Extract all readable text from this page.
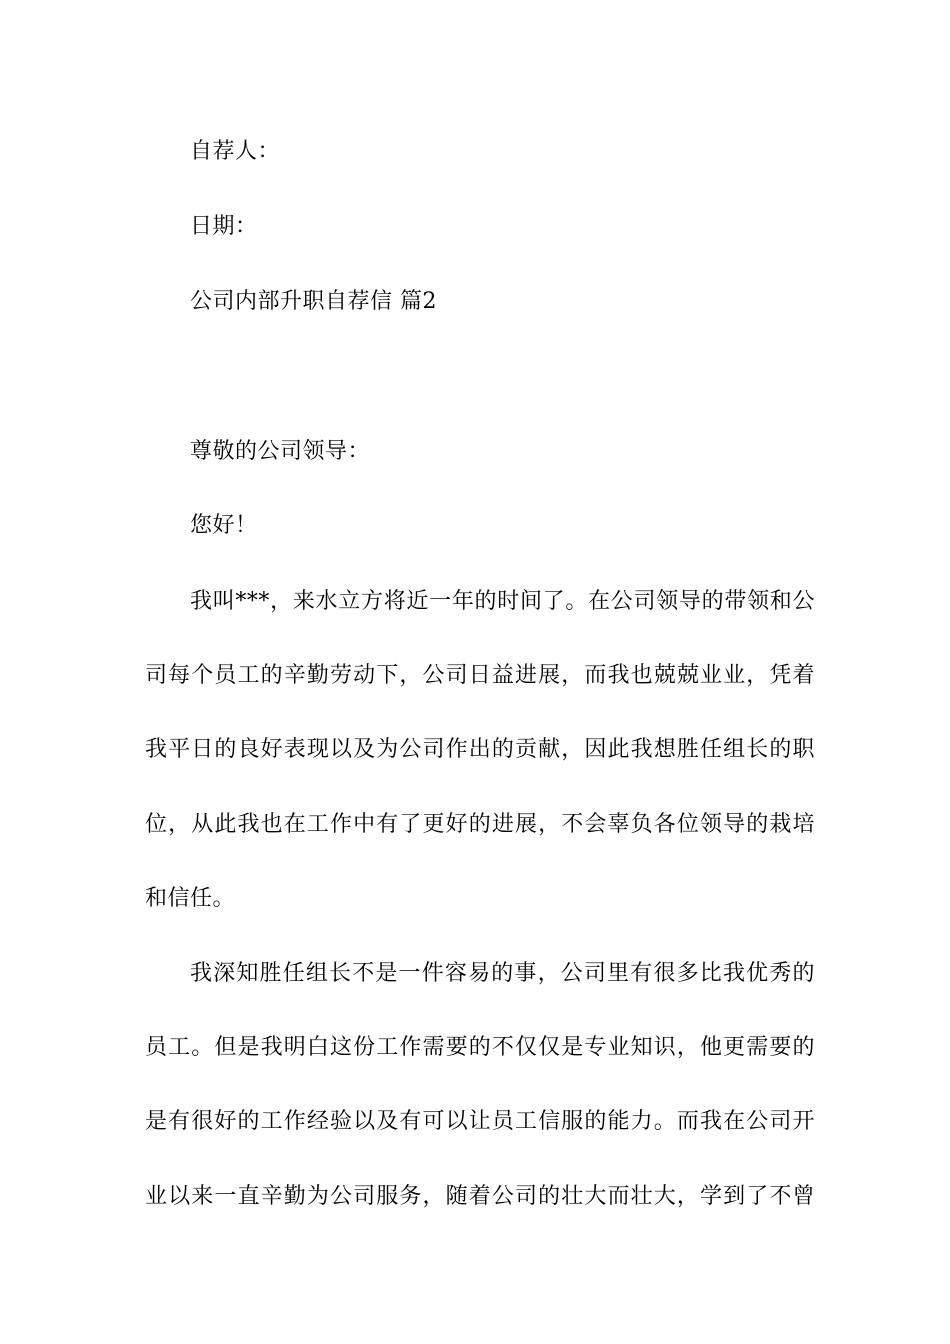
自荐人：
日期：
公司内部升职自荐信 篇2
尊敬的公司领导：
您好！
我叫***，来水立方将近一年的时间了。在公司领导的带领和公
司每个员工的辛勤劳动下，公司日益进展，而我也兢兢业业，凭着
我平日的良好表现以及为公司作出的贡献，因此我想胜任组长的职
位，从此我也在工作中有了更好的进展，不会辜负各位领导的栽培
和信任。
我深知胜任组长不是一件容易的事，公司里有很多比我优秀的
员工。但是我明白这份工作需要的不仅仅是专业知识，他更需要的
是有很好的工作经验以及有可以让员工信服的能力。而我在公司开
业以来一直辛勤为公司服务，随着公司的壮大而壮大，学到了不曾
